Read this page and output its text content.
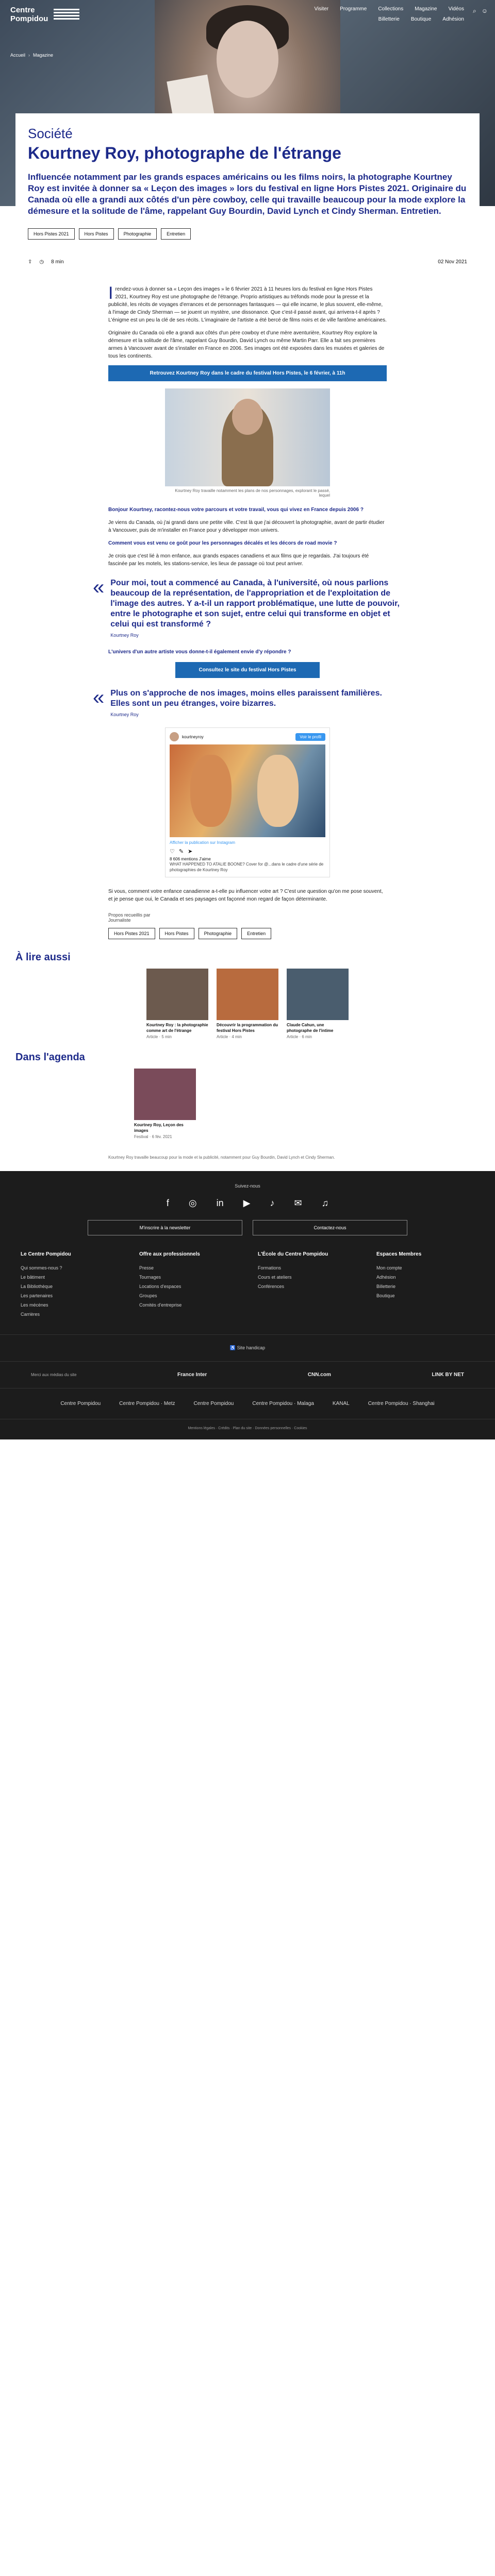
Centre Pompidou
Visiter Programme Collections Magazine Vidéos
Billetterie Boutique Adhésion
⌕ ☺
Accueil › Magazine
Société
Kourtney Roy, photographe de l'étrange
Influencée notamment par les grands espaces américains ou les films noirs, la photographe Kourtney Roy est invitée à donner sa « Leçon des images » lors du festival en ligne Hors Pistes 2021. Originaire du Canada où elle a grandi aux côtés d'un père cowboy, celle qui travaille beaucoup pour la mode explore la démesure et la solitude de l'âme, rappelant Guy Bourdin, David Lynch et Cindy Sherman. Entretien.
Hors Pistes 2021	Hors Pistes	Photographie	Entretien
⇪ ◷ 8 min	02 Nov 2021

Irendez-vous à donner sa « Leçon des images » le 6 février 2021 à 11 heures lors du festival en ligne Hors Pistes 2021, Kourtney Roy est une photographe de l'étrange. Proprio artistiques au tréfonds mode pour la presse et la publicité, les récits de voyages d'errances et de personnages fantasques — qui elle incarne, le plus souvent, elle-même, à l'image de Cindy Sherman — se jouent un mystère, une dissonance. Que c'est-il passé avant, qui arrivera-t-il après ? L'énigme est un peu la clé de ses récits. L'imaginaire de l'artiste a été bercé de films noirs et de ville fantôme américaines.

Originaire du Canada où elle a grandi aux côtés d'un père cowboy et d'une mère aventurière, Kourtney Roy explore la démesure et la solitude de l'âme, rappelant Guy Bourdin, David Lynch ou même Martin Parr. Elle a fait ses premières armes à Vancouver avant de s'installer en France en 2006. Ses images ont été exposées dans les musées et galeries de tous les continents.

Retrouvez Kourtney Roy dans le cadre du festival Hors Pistes, le 6 février, à 11h
Kourtney Roy travaille notamment les plans de nos personnages, explorant le passé, lequel

Bonjour Kourtney, racontez-nous votre parcours et votre travail, vous qui vivez en France depuis 2006 ?

Je viens du Canada, où j'ai grandi dans une petite ville. C'est là que j'ai découvert la photographie, avant de partir étudier à Vancouver, puis de m'installer en France pour y développer mon univers.

Comment vous est venu ce goût pour les personnages décalés et les décors de road movie ?

Je crois que c'est lié à mon enfance, aux grands espaces canadiens et aux films que je regardais. J'ai toujours été fascinée par les motels, les stations-service, les lieux de passage où tout peut arriver.

« Pour moi, tout a commencé au Canada, à l'université, où nous parlions beaucoup de la représentation, de l'appropriation et de l'exploitation de l'image des autres. Y a-t-il un rapport problématique, une lutte de pouvoir, entre le photographe et son sujet, entre celui qui transforme en objet et celui qui est transformé ?
Kourtney Roy

L'univers d'un autre artiste vous donne-t-il également envie d'y répondre ?

Consultez le site du festival Hors Pistes
« Plus on s'approche de nos images, moins elles paraissent familières. Elles sont un peu étranges, voire bizarres.
Kourtney Roy
kourtneyroy	Voir le profil
Afficher la publication sur Instagram
♡ ✎ ➤
8 606 mentions J'aime
WHAT HAPPENED TO ATALIE BOONE? Cover for @...dans le cadre d'une série de photographies de Kourtney Roy

Si vous, comment votre enfance canadienne a-t-elle pu influencer votre art ? C'est une question qu'on me pose souvent, et je pense que oui, le Canada et ses paysages ont façonné mon regard de façon déterminante.

Propos recueillis par
Journaliste
Hors Pistes 2021	Hors Pistes	Photographie	Entretien
À lire aussi
Kourtney Roy : la photographie comme art de l'étrange
Article · 5 min
Découvrir la programmation du festival Hors Pistes
Article · 4 min
Claude Cahun, une photographe de l'intime
Article · 6 min
Dans l'agenda
Kourtney Roy, Leçon des images
Festival · 6 fév. 2021
Kourtney Roy travaille beaucoup pour la mode et la publicité, notamment pour Guy Bourdin, David Lynch et Cindy Sherman.
Suivez-nous
f ◎ in ▶ ♪ ✉ ♫
M'inscrire à la newsletter	Contactez-nous
Le Centre Pompidou
Qui sommes-nous ?
Le bâtiment
La Bibliothèque
Les partenaires
Les mécènes
Carrières
Offre aux professionnels
Presse
Tournages
Locations d'espaces
Groupes
Comités d'entreprise
L'École du Centre Pompidou
Formations
Cours et ateliers
Conférences
Espaces Membres
Mon compte
Adhésion
Billetterie
Boutique
♿ Site handicap
Merci aux médias du site	France Inter	CNN.com	LINK BY NET
Centre Pompidou	Centre Pompidou · Metz	Centre Pompidou	Centre Pompidou · Malaga	KANAL	Centre Pompidou · Shanghai
Mentions légales · Crédits · Plan du site · Données personnelles · Cookies
